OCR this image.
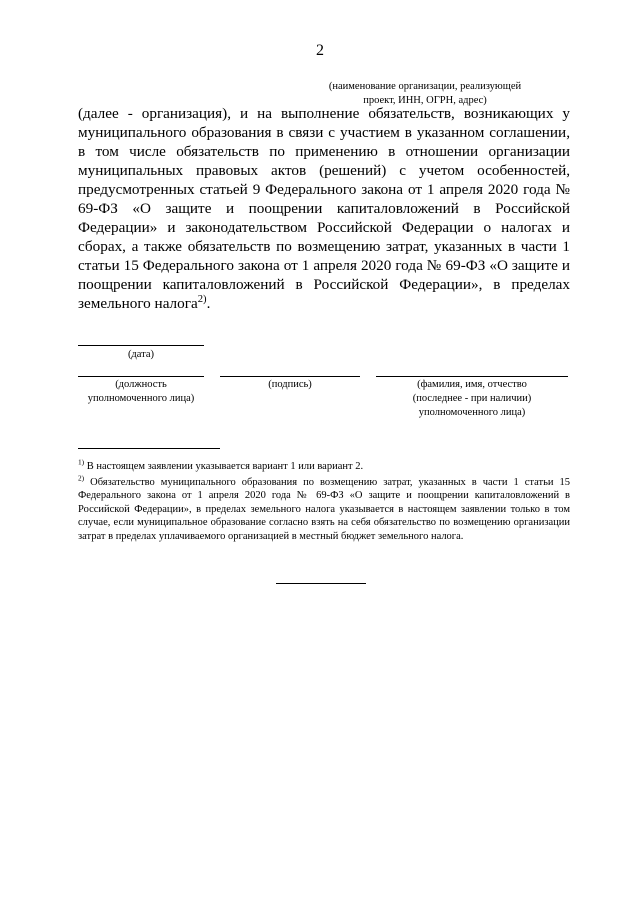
2
(наименование организации, реализующей
проект, ИНН, ОГРН, адрес)
(далее - организация), и на выполнение обязательств, возникающих у муниципального образования в связи с участием в указанном соглашении, в том числе обязательств по применению в отношении организации муниципальных правовых актов (решений) с учетом особенностей, предусмотренных статьей 9 Федерального закона от 1 апреля 2020 года № 69-ФЗ «О защите и поощрении капиталовложений в Российской Федерации» и законодательством Российской Федерации о налогах и сборах, а также обязательств по возмещению затрат, указанных в части 1 статьи 15 Федерального закона от 1 апреля 2020 года № 69-ФЗ «О защите и поощрении капиталовложений в Российской Федерации», в пределах земельного налога$^{2)}$.
(дата)
(должность
уполномоченного лица)
(подпись)	(фамилия, имя, отчество
(последнее - при наличии)
уполномоченного лица)

$^{1)}$ В настоящем заявлении указывается вариант 1 или вариант 2.

$^{2)}$ Обязательство муниципального образования по возмещению затрат, указанных в части 1 статьи 15 Федерального закона от 1 апреля 2020 года № 69-ФЗ «О защите и поощрении капиталовложений в Российской Федерации», в пределах земельного налога указывается в настоящем заявлении только в том случае, если муниципальное образование согласно взять на себя обязательство по возмещению организации затрат в пределах уплачиваемого организацией в местный бюджет земельного налога.
